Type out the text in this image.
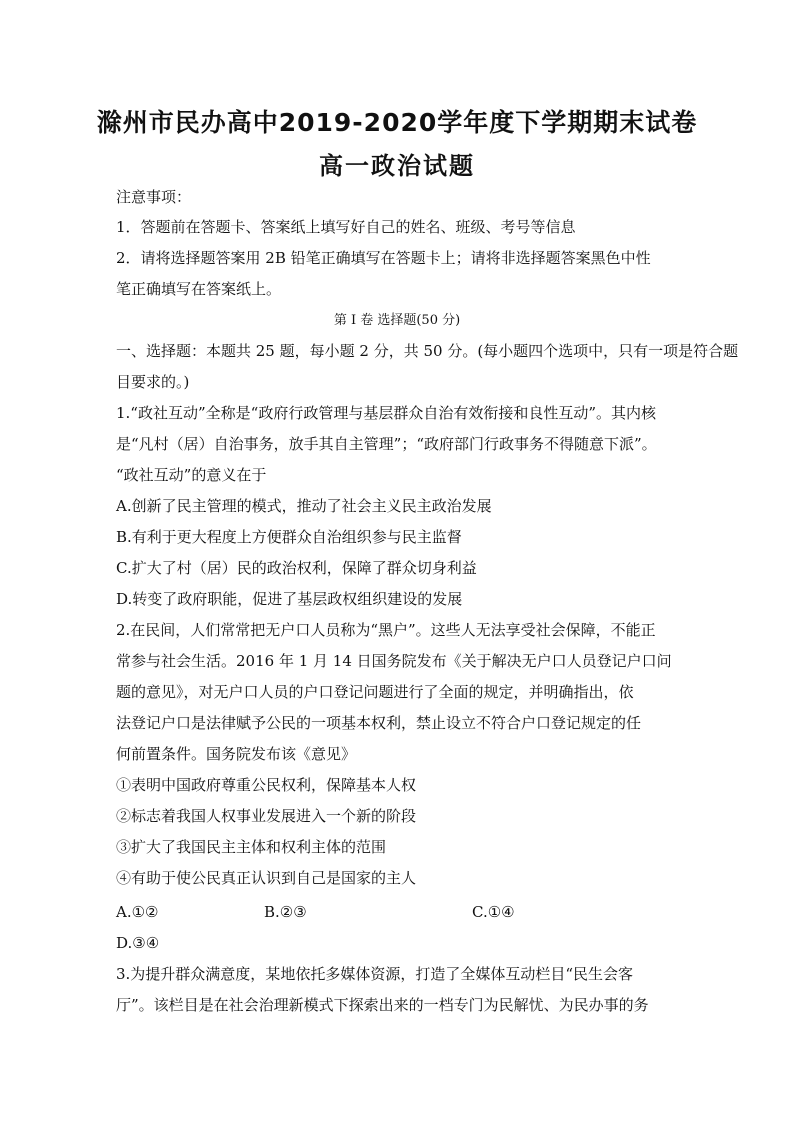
滁州市民办高中2019-2020学年度下学期期末试卷
高一政治试题
注意事项：
1．答题前在答题卡、答案纸上填写好自己的姓名、班级、考号等信息
2．请将选择题答案用 2B 铅笔正确填写在答题卡上；请将非选择题答案黑色中性
笔正确填写在答案纸上。
第 I 卷 选择题(50 分)
一、选择题：本题共 25 题，每小题 2 分，共 50 分。(每小题四个选项中，只有一项是符合题
目要求的。)
1.“政社互动”全称是“政府行政管理与基层群众自治有效衔接和良性互动”。其内核
是“凡村（居）自治事务，放手其自主管理”；“政府部门行政事务不得随意下派”。
“政社互动”的意义在于
A.创新了民主管理的模式，推动了社会主义民主政治发展
B.有利于更大程度上方便群众自治组织参与民主监督
C.扩大了村（居）民的政治权利，保障了群众切身利益
D.转变了政府职能，促进了基层政权组织建设的发展
2.在民间，人们常常把无户口人员称为“黑户”。这些人无法享受社会保障，不能正
常参与社会生活。2016 年 1 月 14 日国务院发布《关于解决无户口人员登记户口问
题的意见》，对无户口人员的户口登记问题进行了全面的规定，并明确指出，依
法登记户口是法律赋予公民的一项基本权利，禁止设立不符合户口登记规定的任
何前置条件。国务院发布该《意见》
①表明中国政府尊重公民权利，保障基本人权
②标志着我国人权事业发展进入一个新的阶段
③扩大了我国民主主体和权利主体的范围
④有助于使公民真正认识到自己是国家的主人
A.①②	B.②③	C.①④
D.③④
3.为提升群众满意度，某地依托多媒体资源，打造了全媒体互动栏目“民生会客
厅”。该栏目是在社会治理新模式下探索出来的一档专门为民解忧、为民办事的务
